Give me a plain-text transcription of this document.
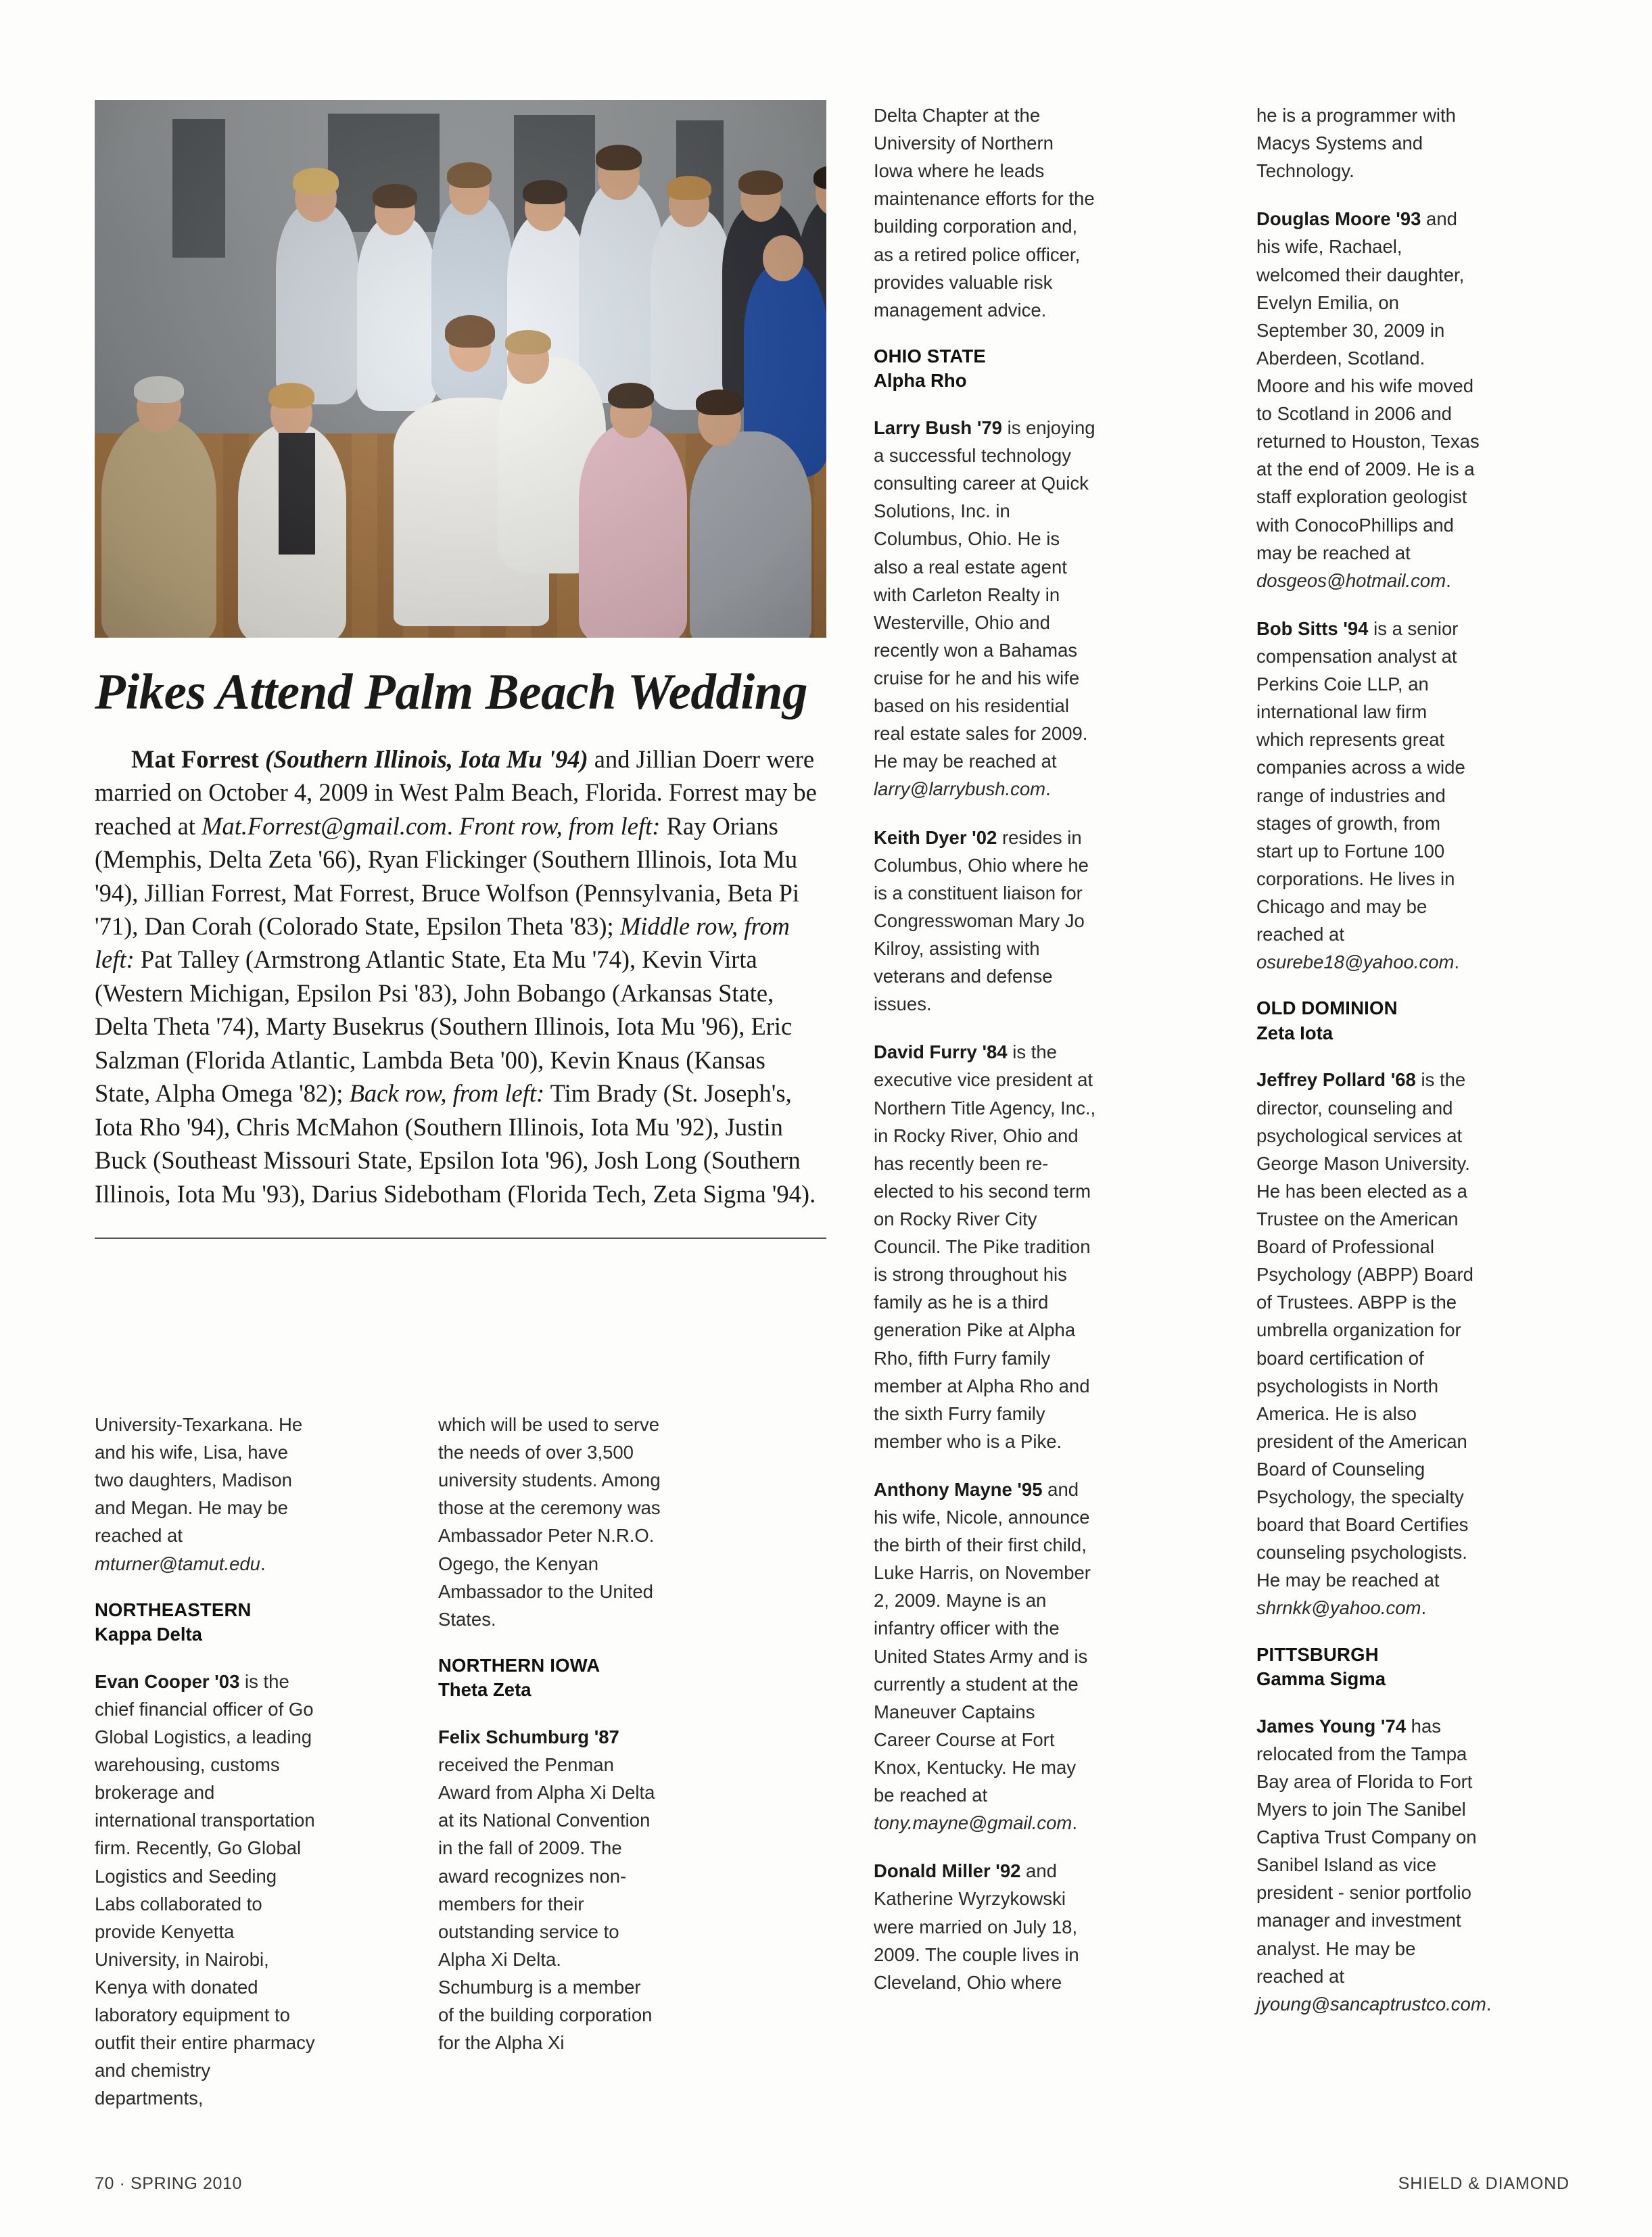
Pikes Attend Palm Beach Wedding
Mat Forrest (Southern Illinois, Iota Mu '94) and Jillian Doerr were married on October 4, 2009 in West Palm Beach, Florida. Forrest may be reached at Mat.Forrest@gmail.com. Front row, from left: Ray Orians (Memphis, Delta Zeta '66), Ryan Flickinger (Southern Illinois, Iota Mu '94), Jillian Forrest, Mat Forrest, Bruce Wolfson (Pennsylvania, Beta Pi '71), Dan Corah (Colorado State, Epsilon Theta '83); Middle row, from left: Pat Talley (Armstrong Atlantic State, Eta Mu '74), Kevin Virta (Western Michigan, Epsilon Psi '83), John Bobango (Arkansas State, Delta Theta '74), Marty Busekrus (Southern Illinois, Iota Mu '96), Eric Salzman (Florida Atlantic, Lambda Beta '00), Kevin Knaus (Kansas State, Alpha Omega '82); Back row, from left: Tim Brady (St. Joseph's, Iota Rho '94), Chris McMahon (Southern Illinois, Iota Mu '92), Justin Buck (Southeast Missouri State, Epsilon Iota '96), Josh Long (Southern Illinois, Iota Mu '93), Darius Sidebotham (Florida Tech, Zeta Sigma '94).

University-Texarkana. He and his wife, Lisa, have two daughters, Madison and Megan. He may be reached at mturner@tamut.edu.

NORTHEASTERN
Kappa Delta

Evan Cooper '03 is the chief financial officer of Go Global Logistics, a leading warehousing, customs brokerage and international transportation firm. Recently, Go Global Logistics and Seeding Labs collaborated to provide Kenyetta University, in Nairobi, Kenya with donated laboratory equipment to outfit their entire pharmacy and chemistry departments,

which will be used to serve the needs of over 3,500 university students. Among those at the ceremony was Ambassador Peter N.R.O. Ogego, the Kenyan Ambassador to the United States.

NORTHERN IOWA
Theta Zeta

Felix Schumburg '87 received the Penman Award from Alpha Xi Delta at its National Convention in the fall of 2009. The award recognizes non-members for their outstanding service to Alpha Xi Delta. Schumburg is a member of the building corporation for the Alpha Xi

Delta Chapter at the University of Northern Iowa where he leads maintenance efforts for the building corporation and, as a retired police officer, provides valuable risk management advice.

OHIO STATE
Alpha Rho

Larry Bush '79 is enjoying a successful technology consulting career at Quick Solutions, Inc. in Columbus, Ohio. He is also a real estate agent with Carleton Realty in Westerville, Ohio and recently won a Bahamas cruise for he and his wife based on his residential real estate sales for 2009. He may be reached at larry@larrybush.com.

Keith Dyer '02 resides in Columbus, Ohio where he is a constituent liaison for Congresswoman Mary Jo Kilroy, assisting with veterans and defense issues.

David Furry '84 is the executive vice president at Northern Title Agency, Inc., in Rocky River, Ohio and has recently been re-elected to his second term on Rocky River City Council. The Pike tradition is strong throughout his family as he is a third generation Pike at Alpha Rho, fifth Furry family member at Alpha Rho and the sixth Furry family member who is a Pike.

Anthony Mayne '95 and his wife, Nicole, announce the birth of their first child, Luke Harris, on November 2, 2009. Mayne is an infantry officer with the United States Army and is currently a student at the Maneuver Captains Career Course at Fort Knox, Kentucky. He may be reached at tony.mayne@gmail.com.

Donald Miller '92 and Katherine Wyrzykowski were married on July 18, 2009. The couple lives in Cleveland, Ohio where

he is a programmer with Macys Systems and Technology.

Douglas Moore '93 and his wife, Rachael, welcomed their daughter, Evelyn Emilia, on September 30, 2009 in Aberdeen, Scotland. Moore and his wife moved to Scotland in 2006 and returned to Houston, Texas at the end of 2009. He is a staff exploration geologist with ConocoPhillips and may be reached at dosgeos@hotmail.com.

Bob Sitts '94 is a senior compensation analyst at Perkins Coie LLP, an international law firm which represents great companies across a wide range of industries and stages of growth, from start up to Fortune 100 corporations. He lives in Chicago and may be reached at osurebe18@yahoo.com.

OLD DOMINION
Zeta Iota

Jeffrey Pollard '68 is the director, counseling and psychological services at George Mason University. He has been elected as a Trustee on the American Board of Professional Psychology (ABPP) Board of Trustees. ABPP is the umbrella organization for board certification of psychologists in North America. He is also president of the American Board of Counseling Psychology, the specialty board that Board Certifies counseling psychologists. He may be reached at shrnkk@yahoo.com.

PITTSBURGH
Gamma Sigma

James Young '74 has relocated from the Tampa Bay area of Florida to Fort Myers to join The Sanibel Captiva Trust Company on Sanibel Island as vice president - senior portfolio manager and investment analyst. He may be reached at jyoung@sancaptrustco.com.

70 · SPRING 2010	SHIELD & DIAMOND
